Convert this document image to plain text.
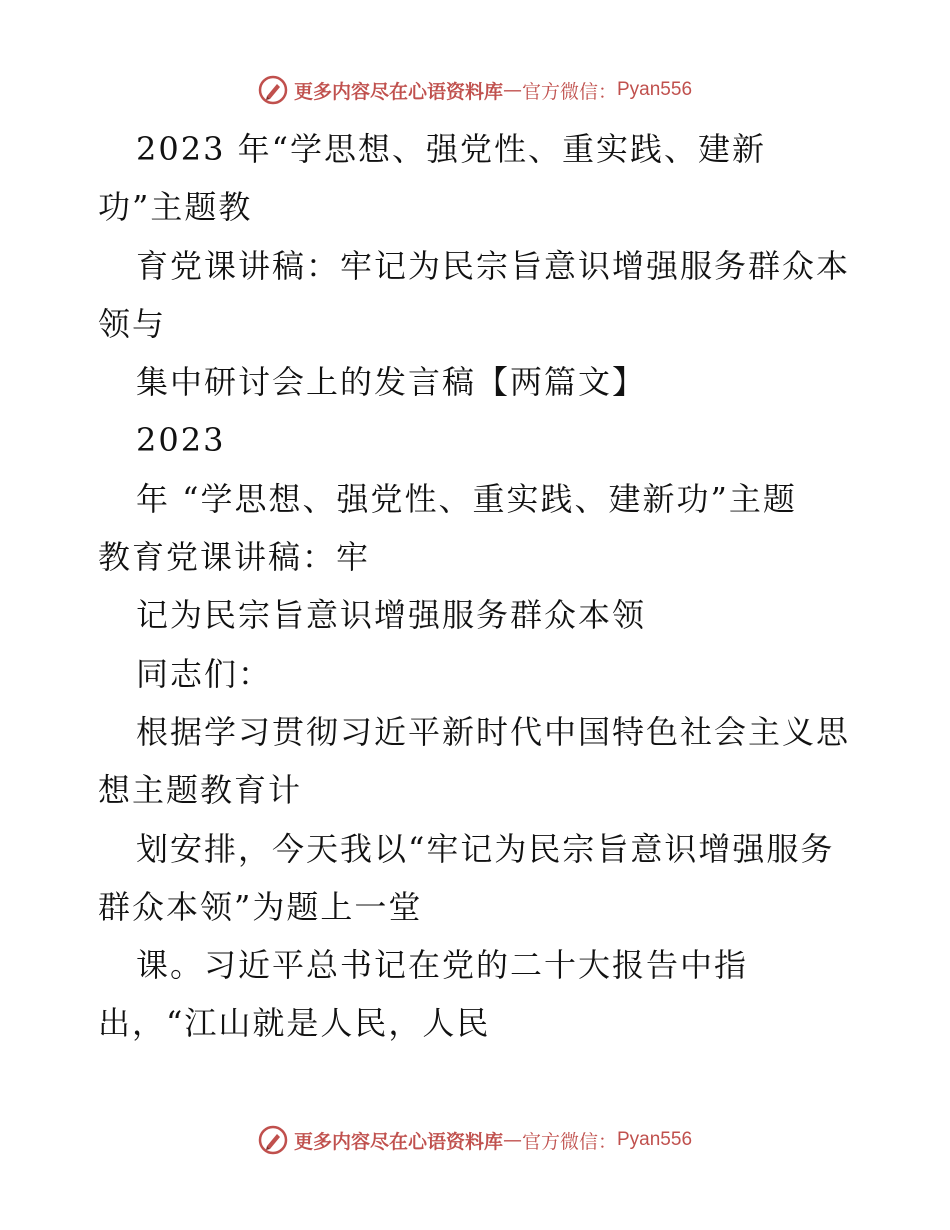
更多内容尽在心语资料库 — 官方微信： Pyan556
2023 年“学思想、强党性、重实践、建新
功”主题教
育党课讲稿：牢记为民宗旨意识增强服务群众本
领与
集中研讨会上的发言稿【两篇文】
2023
年 “学思想、强党性、重实践、建新功”主题
教育党课讲稿：牢
记为民宗旨意识增强服务群众本领
同志们：
根据学习贯彻习近平新时代中国特色社会主义思
想主题教育计
划安排，今天我以“牢记为民宗旨意识增强服务
群众本领”为题上一堂
课。习近平总书记在党的二十大报告中指
出，“江山就是人民，人民
更多内容尽在心语资料库 — 官方微信： Pyan556
